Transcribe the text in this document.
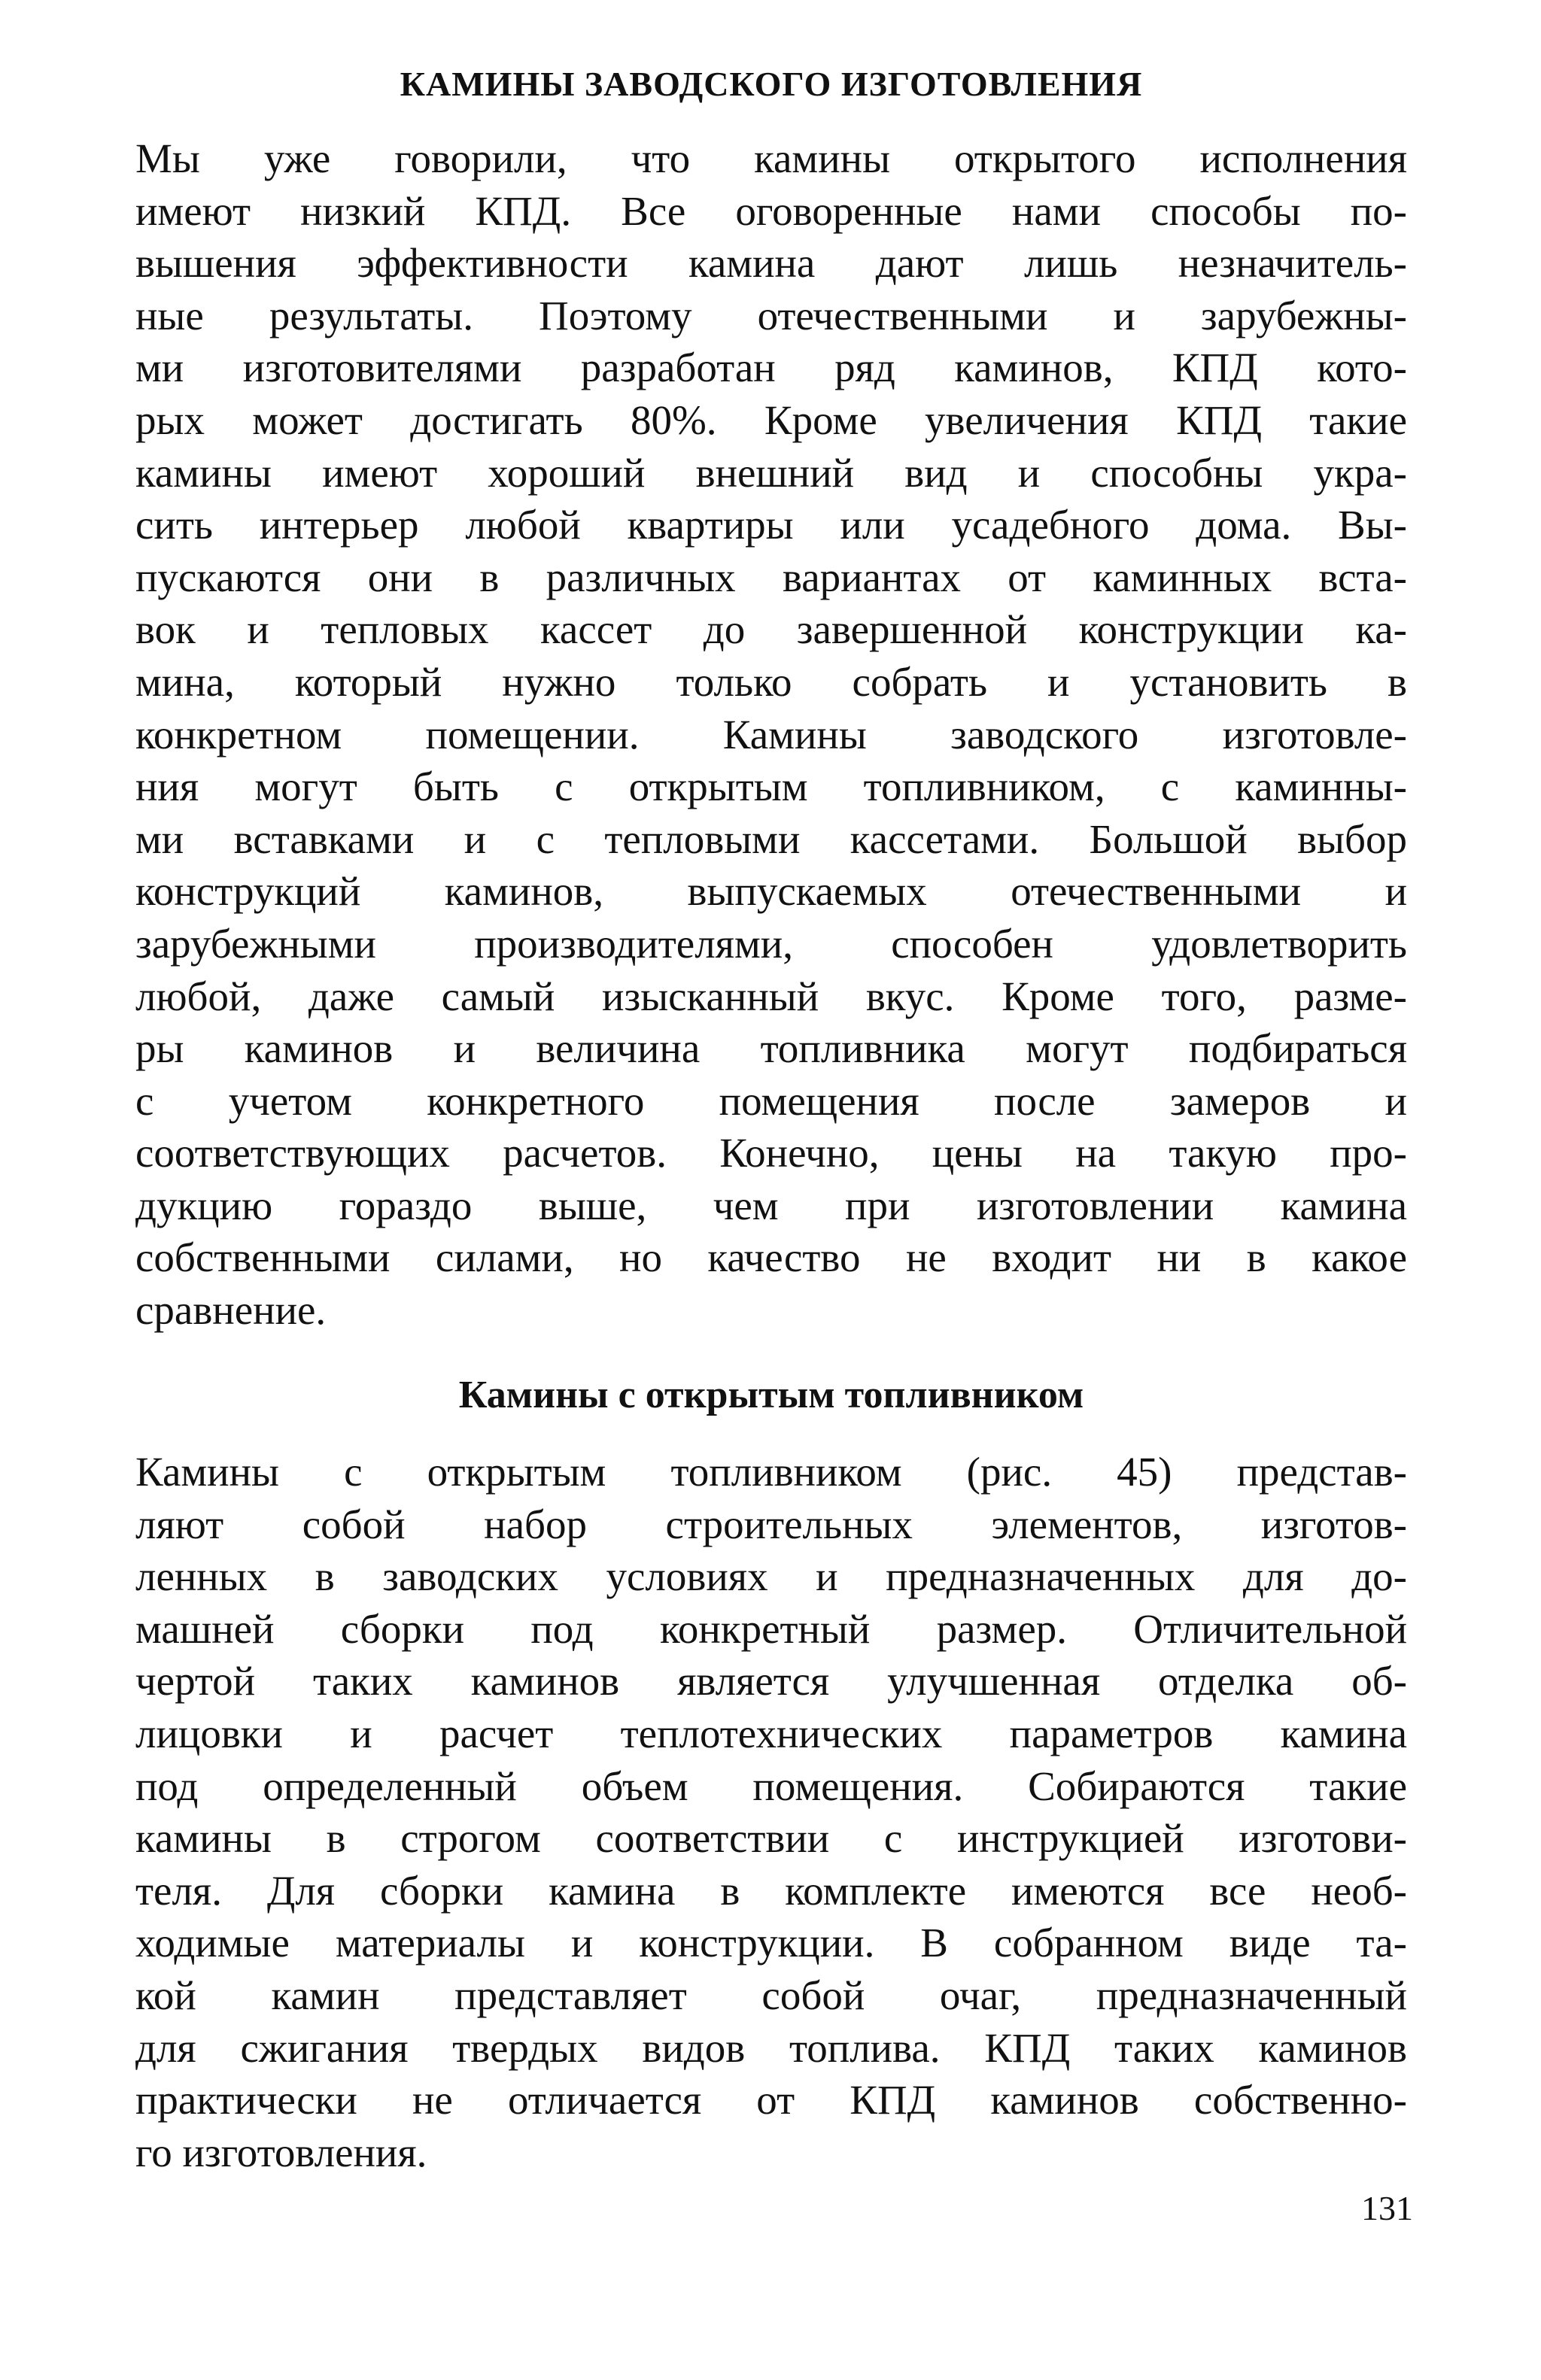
КАМИНЫ ЗАВОДСКОГО ИЗГОТОВЛЕНИЯ
Мы уже говорили, что камины открытого исполнения
имеют низкий КПД. Все оговоренные нами способы по-
вышения эффективности камина дают лишь незначитель-
ные результаты. Поэтому отечественными и зарубежны-
ми изготовителями разработан ряд каминов, КПД кото-
рых может достигать 80%. Кроме увеличения КПД такие
камины имеют хороший внешний вид и способны укра-
сить интерьер любой квартиры или усадебного дома. Вы-
пускаются они в различных вариантах от каминных вста-
вок и тепловых кассет до завершенной конструкции ка-
мина, который нужно только собрать и установить в
конкретном помещении. Камины заводского изготовле-
ния могут быть с открытым топливником, с каминны-
ми вставками и с тепловыми кассетами. Большой выбор
конструкций каминов, выпускаемых отечественными и
зарубежными производителями, способен удовлетворить
любой, даже самый изысканный вкус. Кроме того, разме-
ры каминов и величина топливника могут подбираться
с учетом конкретного помещения после замеров и
соответствующих расчетов. Конечно, цены на такую про-
дукцию гораздо выше, чем при изготовлении камина
собственными силами, но качество не входит ни в какое
сравнение.
Камины с открытым топливником
Камины с открытым топливником (рис. 45) представ-
ляют собой набор строительных элементов, изготов-
ленных в заводских условиях и предназначенных для до-
машней сборки под конкретный размер. Отличительной
чертой таких каминов является улучшенная отделка об-
лицовки и расчет теплотехнических параметров камина
под определенный объем помещения. Собираются такие
камины в строгом соответствии с инструкцией изготови-
теля. Для сборки камина в комплекте имеются все необ-
ходимые материалы и конструкции. В собранном виде та-
кой камин представляет собой очаг, предназначенный
для сжигания твердых видов топлива. КПД таких каминов
практически не отличается от КПД каминов собственно-
го изготовления.
131
